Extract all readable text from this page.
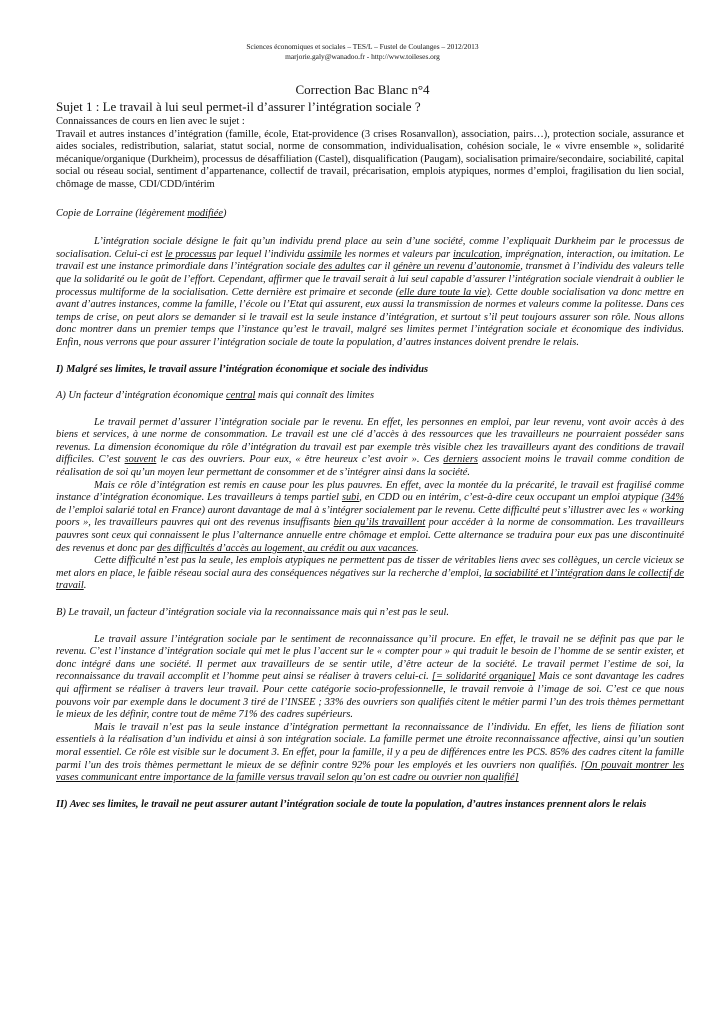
Sciences économiques et sociales – TES/L – Fustel de Coulanges – 2012/2013
marjorie.galy@wanadoo.fr - http://www.toileses.org
Correction Bac Blanc n°4
Sujet 1 : Le travail à lui seul permet-il d’assurer l’intégration sociale ?

Connaissances de cours en lien avec le sujet :

Travail et autres instances d’intégration (famille, école, Etat-providence (3 crises Rosanvallon), association, pairs…), protection sociale, assurance et aides sociales, redistribution, salariat, statut social, norme de consommation, individualisation, cohésion sociale, le « vivre ensemble », solidarité mécanique/organique (Durkheim), processus de désaffiliation (Castel), disqualification (Paugam), socialisation primaire/secondaire, sociabilité, capital social ou réseau social, sentiment d’appartenance, collectif de travail, précarisation, emplois atypiques, normes d’emploi, fragilisation du lien social, chômage de masse, CDI/CDD/intérim

Copie de Lorraine (légèrement modifiée)

L’intégration sociale désigne le fait qu’un individu prend place au sein d’une société, comme l’expliquait Durkheim par le processus de socialisation. Celui-ci est le processus par lequel l’individu assimile les normes et valeurs par inculcation, imprégnation, interaction, ou imitation. Le travail est une instance primordiale dans l’intégration sociale des adultes car il génère un revenu d’autonomie, transmet à l’individu des valeurs telle que la solidarité ou le goût de l’effort. Cependant, affirmer que le travail serait à lui seul capable d’assurer l’intégration sociale viendrait à oublier le processus multiforme de la socialisation. Cette dernière est primaire et seconde (elle dure toute la vie). Cette double socialisation va donc mettre en avant d’autres instances, comme la famille, l’école ou l’Etat qui assurent, eux aussi la transmission de normes et valeurs comme la politesse. Dans ces temps de crise, on peut alors se demander si le travail est la seule instance d’intégration, et surtout s’il peut toujours assurer son rôle. Nous allons donc montrer dans un premier temps que l’instance qu’est le travail, malgré ses limites permet l’intégration sociale et économique des individus. Enfin, nous verrons que pour assurer l’intégration sociale de toute la population, d’autres instances doivent prendre le relais.

I) Malgré ses limites, le travail assure l’intégration économique et sociale des individus

A) Un facteur d’intégration économique central mais qui connaît des limites

Le travail permet d’assurer l’intégration sociale par le revenu. En effet, les personnes en emploi, par leur revenu, vont avoir accès à des biens et services, à une norme de consommation. Le travail est une clé d’accès à des ressources que les travailleurs ne pourraient posséder sans revenus. La dimension économique du rôle d’intégration du travail est par exemple très visible chez les travailleurs ayant des conditions de travail difficiles. C’est souvent le cas des ouvriers. Pour eux, « être heureux c’est avoir ». Ces derniers associent moins le travail comme condition de réalisation de soi qu’un moyen leur permettant de consommer et de s’intégrer ainsi dans la société.

Mais ce rôle d’intégration est remis en cause pour les plus pauvres. En effet, avec la montée du la précarité, le travail est fragilisé comme instance d’intégration économique. Les travailleurs à temps partiel subi, en CDD ou en intérim, c’est-à-dire ceux occupant un emploi atypique (34% de l’emploi salarié total en France) auront davantage de mal à s’intégrer socialement par le revenu. Cette difficulté peut s’illustrer avec les « working poors », les travailleurs pauvres qui ont des revenus insuffisants bien qu’ils travaillent pour accéder à la norme de consommation. Les travailleurs pauvres sont ceux qui connaissent le plus l’alternance annuelle entre chômage et emploi. Cette alternance se traduira pour eux pas une discontinuité des revenus et donc par des difficultés d’accès au logement, au crédit ou aux vacances.

Cette difficulté n’est pas la seule, les emplois atypiques ne permettent pas de tisser de véritables liens avec ses collègues, un cercle vicieux se met alors en place, le faible réseau social aura des conséquences négatives sur la recherche d’emploi, la sociabilité et l’intégration dans le collectif de travail.

B) Le travail, un facteur d’intégration sociale via la reconnaissance mais qui n’est pas le seul.

Le travail assure l’intégration sociale par le sentiment de reconnaissance qu’il procure. En effet, le travail ne se définit pas que par le revenu. C’est l’instance d’intégration sociale qui met le plus l’accent sur le « compter pour » qui traduit le besoin de l’homme de se sentir exister, et donc intégré dans une société. Il permet aux travailleurs de se sentir utile, d’être acteur de la société. Le travail permet l’estime de soi, la reconnaissance du travail accomplit et l’homme peut ainsi se réaliser à travers celui-ci. [= solidarité organique] Mais ce sont davantage les cadres qui affirment se réaliser à travers leur travail. Pour cette catégorie socio-professionnelle, le travail renvoie à l’image de soi. C’est ce que nous pouvons voir par exemple dans le document 3 tiré de l’INSEE ; 33% des ouvriers son qualifiés citent le métier parmi l’un des trois thèmes permettant le mieux de les définir, contre tout de même 71% des cadres supérieurs.

Mais le travail n’est pas la seule instance d’intégration permettant la reconnaissance de l’individu. En effet, les liens de filiation sont essentiels à la réalisation d’un individu et ainsi à son intégration sociale. La famille permet une étroite reconnaissance affective, ainsi qu’un soutien moral essentiel. Ce rôle est visible sur le document 3. En effet, pour la famille, il y a peu de différences entre les PCS. 85% des cadres citent la famille parmi l’un des trois thèmes permettant le mieux de se définir contre 92% pour les employés et les ouvriers non qualifiés. [On pouvait montrer les vases communicant entre importance de la famille versus travail selon qu’on est cadre ou ouvrier non qualifié]

II) Avec ses limites, le travail ne peut assurer autant l’intégration sociale de toute la population, d’autres instances prennent alors le relais
